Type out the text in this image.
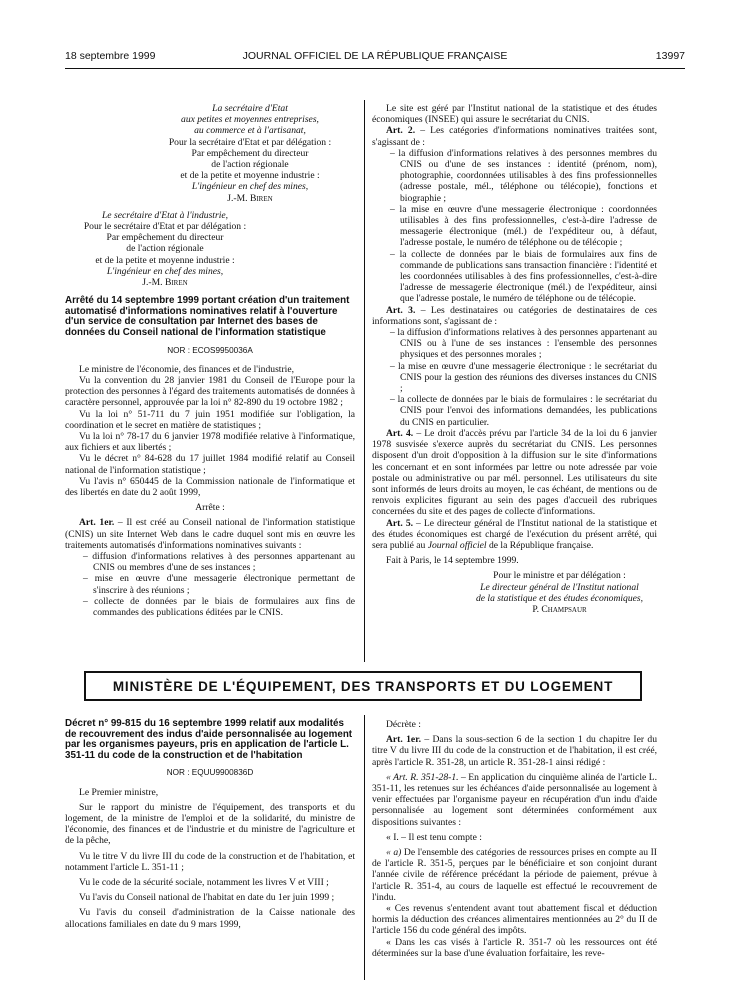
18 septembre 1999	JOURNAL OFFICIEL DE LA RÉPUBLIQUE FRANÇAISE	13997
La secrétaire d'Etat
aux petites et moyennes entreprises,
au commerce et à l'artisanat,
Pour la secrétaire d'Etat et par délégation :
Par empêchement du directeur
de l'action régionale
et de la petite et moyenne industrie :
L'ingénieur en chef des mines,
J.-M. Biren
Le secrétaire d'Etat à l'industrie,
Pour le secrétaire d'Etat et par délégation :
Par empêchement du directeur
de l'action régionale
et de la petite et moyenne industrie :
L'ingénieur en chef des mines,
J.-M. Biren
Arrêté du 14 septembre 1999 portant création d'un traitement automatisé d'informations nominatives relatif à l'ouverture d'un service de consultation par Internet des bases de données du Conseil national de l'information statistique
NOR : ECOS9950036A

Le ministre de l'économie, des finances et de l'industrie,

Vu la convention du 28 janvier 1981 du Conseil de l'Europe pour la protection des personnes à l'égard des traitements automatisés de données à caractère personnel, approuvée par la loi n° 82-890 du 19 octobre 1982 ;

Vu la loi n° 51-711 du 7 juin 1951 modifiée sur l'obligation, la coordination et le secret en matière de statistiques ;

Vu la loi n° 78-17 du 6 janvier 1978 modifiée relative à l'informatique, aux fichiers et aux libertés ;

Vu le décret n° 84-628 du 17 juillet 1984 modifié relatif au Conseil national de l'information statistique ;

Vu l'avis n° 650445 de la Commission nationale de l'informatique et des libertés en date du 2 août 1999,

Arrête :

Art. 1er. – Il est créé au Conseil national de l'information statistique (CNIS) un site Internet Web dans le cadre duquel sont mis en œuvre les traitements automatisés d'informations nominatives suivants :

– diffusion d'informations relatives à des personnes appartenant au CNIS ou membres d'une de ses instances ;
– mise en œuvre d'une messagerie électronique permettant de s'inscrire à des réunions ;
– collecte de données par le biais de formulaires aux fins de commandes des publications éditées par le CNIS.

Le site est géré par l'Institut national de la statistique et des études économiques (INSEE) qui assure le secrétariat du CNIS.

Art. 2. – Les catégories d'informations nominatives traitées sont, s'agissant de :

– la diffusion d'informations relatives à des personnes membres du CNIS ou d'une de ses instances : identité (prénom, nom), photographie, coordonnées utilisables à des fins professionnelles (adresse postale, mél., téléphone ou télécopie), fonctions et biographie ;
– la mise en œuvre d'une messagerie électronique : coordonnées utilisables à des fins professionnelles, c'est-à-dire l'adresse de messagerie électronique (mél.) de l'expéditeur ou, à défaut, l'adresse postale, le numéro de téléphone ou de télécopie ;
– la collecte de données par le biais de formulaires aux fins de commande de publications sans transaction financière : l'identité et les coordonnées utilisables à des fins professionnelles, c'est-à-dire l'adresse de messagerie électronique (mél.) de l'expéditeur, ainsi que l'adresse postale, le numéro de téléphone ou de télécopie.

Art. 3. – Les destinataires ou catégories de destinataires de ces informations sont, s'agissant de :

– la diffusion d'informations relatives à des personnes appartenant au CNIS ou à l'une de ses instances : l'ensemble des personnes physiques et des personnes morales ;
– la mise en œuvre d'une messagerie électronique : le secrétariat du CNIS pour la gestion des réunions des diverses instances du CNIS ;
– la collecte de données par le biais de formulaires : le secrétariat du CNIS pour l'envoi des informations demandées, les publications du CNIS en particulier.

Art. 4. – Le droit d'accès prévu par l'article 34 de la loi du 6 janvier 1978 susvisée s'exerce auprès du secrétariat du CNIS. Les personnes disposent d'un droit d'opposition à la diffusion sur le site d'informations les concernant et en sont informées par lettre ou note adressée par voie postale ou administrative ou par mél. personnel. Les utilisateurs du site sont informés de leurs droits au moyen, le cas échéant, de mentions ou de renvois explicites figurant au sein des pages d'accueil des rubriques concernées du site et des pages de collecte d'informations.

Art. 5. – Le directeur général de l'Institut national de la statistique et des études économiques est chargé de l'exécution du présent arrêté, qui sera publié au Journal officiel de la République française.

Fait à Paris, le 14 septembre 1999.

Pour le ministre et par délégation :
Le directeur général de l'Institut national
de la statistique et des études économiques,
P. Champsaur
MINISTÈRE DE L'ÉQUIPEMENT, DES TRANSPORTS ET DU LOGEMENT
Décret n° 99-815 du 16 septembre 1999 relatif aux modalités de recouvrement des indus d'aide personnalisée au logement par les organismes payeurs, pris en application de l'article L. 351-11 du code de la construction et de l'habitation
NOR : EQUU9900836D

Le Premier ministre,

Sur le rapport du ministre de l'équipement, des transports et du logement, de la ministre de l'emploi et de la solidarité, du ministre de l'économie, des finances et de l'industrie et du ministre de l'agriculture et de la pêche,

Vu le titre V du livre III du code de la construction et de l'habitation, et notamment l'article L. 351-11 ;

Vu le code de la sécurité sociale, notamment les livres V et VIII ;

Vu l'avis du Conseil national de l'habitat en date du 1er juin 1999 ;

Vu l'avis du conseil d'administration de la Caisse nationale des allocations familiales en date du 9 mars 1999,

Décrète :

Art. 1er. – Dans la sous-section 6 de la section 1 du chapitre Ier du titre V du livre III du code de la construction et de l'habitation, il est créé, après l'article R. 351-28, un article R. 351-28-1 ainsi rédigé :

« Art. R. 351-28-1. – En application du cinquième alinéa de l'article L. 351-11, les retenues sur les échéances d'aide personnalisée au logement à venir effectuées par l'organisme payeur en récupération d'un indu d'aide personnalisée au logement sont déterminées conformément aux dispositions suivantes :

« I. – Il est tenu compte :

« a) De l'ensemble des catégories de ressources prises en compte au II de l'article R. 351-5, perçues par le bénéficiaire et son conjoint durant l'année civile de référence précédant la période de paiement, prévue à l'article R. 351-4, au cours de laquelle est effectué le recouvrement de l'indu.

« Ces revenus s'entendent avant tout abattement fiscal et déduction hormis la déduction des créances alimentaires mentionnées au 2° du II de l'article 156 du code général des impôts.

« Dans les cas visés à l'article R. 351-7 où les ressources ont été déterminées sur la base d'une évaluation forfaitaire, les reve-
